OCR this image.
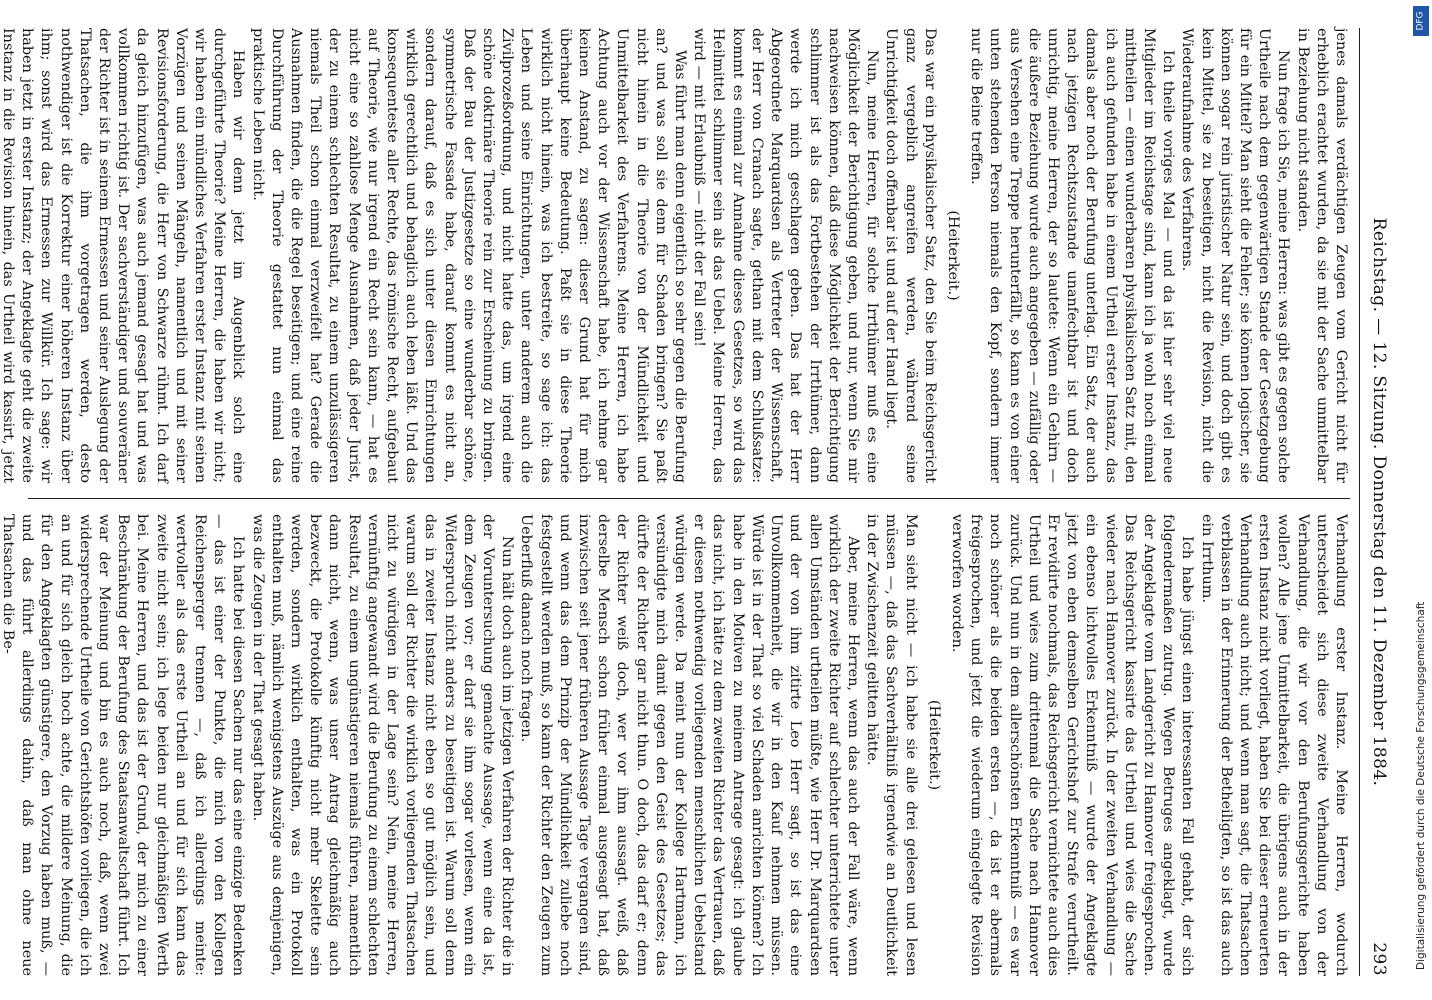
Reichstag. — 12. Sitzung. Donnerstag den 11. Dezember 1884.
293

jenes damals verdächtigen Zeugen vom Gericht nicht für erheblich erachtet wurden, da sie mit der Sache unmittelbar in Beziehung nicht standen.

Nun frage ich Sie, meine Herren: was gibt es gegen solche Urtheile nach dem gegenwärtigen Stande der Gesetzgebung für ein Mittel? Man sieht die Fehler; sie können logischer, sie können sogar rein juristischer Natur sein, und doch gibt es kein Mittel, sie zu beseitigen, nicht die Revision, nicht die Wiederaufnahme des Verfahrens.

Ich theile voriges Mal — und da ist hier sehr viel neue Mitglieder im Reichstage sind, kann ich ja wohl noch einmal mittheilen — einen wunderbaren physikalischen Satz mit, den ich auch gefunden habe in einem Urtheil erster Instanz, das damals aber noch der Berufung unterlag. Ein Satz, der auch nach jetzigen Rechtszustande unanfechtbar ist und doch unrichtig, meine Herren, der so lautete: Wenn ein Gehirn — die äußere Beziehung wurde auch angegeben — zufällig oder aus Versehen eine Treppe herunterfällt, so kann es von einer unten stehenden Person niemals den Kopf, sondern immer nur die Beine treffen.

(Heiterkeit.)

Das war ein physikalischer Satz, den Sie beim Reichsgericht ganz vergeblich angreifen werden, während seine Unrichtigkeit doch offenbar ist und auf der Hand liegt.

Nun, meine Herren, für solche Irrthümer muß es eine Möglichkeit der Berichtigung geben, und nur, wenn Sie mir nachweisen können, daß diese Möglichkeit der Berichtigung schlimmer ist als das Fortbestehen der Irrthümer, dann werde ich mich geschlagen geben. Das hat der Herr Abgeordnete Marquardsen als Vertreter der Wissenschaft, der Herr von Cranach sagte, gethan mit dem Schlußsatze: kommt es einmal zur Annahme dieses Gesetzes, so wird das Heilmittel schlimmer sein als das Uebel. Meine Herren, das wird — mit Erlaubniß — nicht der Fall sein!

Was führt man denn eigentlich so sehr gegen die Berufung an? und was soll sie denn für Schaden bringen? Sie paßt nicht hinein in die Theorie von der Mündlichkeit und Unmittelbarkeit des Verfahrens. Meine Herren, ich habe Achtung auch vor der Wissenschaft habe, ich nehme gar keinen Anstand, zu sagen: dieser Grund hat für mich überhaupt keine Bedeutung. Paßt sie in diese Theorie wirklich nicht hinein, was ich bestreite, so sage ich: das Leben und seine Einrichtungen, unter anderem auch die Zivilprozeßordnung, und nicht hatte das, um irgend eine schöne doktrinäre Theorie rein zur Erscheinung zu bringen. Daß der Bau der Justizgesetze so eine wunderbar schöne, symmetrische Fassade habe, darauf kommt es nicht an, sondern darauf, daß es sich unter diesen Einrichtungen wirklich gerechtlich und behaglich auch leben läßt. Und das konsequenteste aller Rechte, das römische Recht, aufgebaut auf Theorie, wie nur irgend ein Recht sein kann, — hat es nicht eine so zahllose Menge Ausnahmen, daß jeder Jurist, der zu einem schlechten Resultat, zu einem unzulässigeren niemals Theil schon einmal verzweifelt hat? Gerade die Ausnahmen finden, die die Regel beseitigen; und eine reine Durchführung der Theorie gestattet nun einmal das praktische Leben nicht.

Haben wir denn jetzt im Augenblick solch eine durchgeführte Theorie? Meine Herren, die haben wir nicht; wir haben ein mündliches Verfahren erster Instanz mit seinen Vorzügen und seinen Mängeln, namentlich und mit seiner Revisionsforderung, die Herr von Schwarze rühmt. Ich darf da gleich hinzufügen, was auch jemand gesagt hat und was vollkommen richtig ist. Der sachverständiger und souveräner der Richter ist in seinem Ermessen und seiner Auslegung der Thatsachen, die ihm vorgetragen werden, desto nothwendiger ist die Korrektur einer höheren Instanz über ihm; sonst wird das Ermessen zur Willkür. Ich sage: wir haben jetzt in erster Instanz; der Angeklagte geht die zweite Instanz in die Revision hinein, das Urtheil wird kassirt, jetzt

Verhandlung erster Instanz. Meine Herren, wodurch unterscheidet sich diese zweite Verhandlung von der Verhandlung, die wir vor den Berufungsgerichte haben wollen? Alle jene Unmittelbarkeit, die übrigens auch in der ersten Instanz nicht vorliegt, haben Sie bei dieser erneuerten Verhandlung auch nicht; und wenn man sagt, die Thatsachen verblassen in der Erinnerung der Betheiligten, so ist das auch ein Irrthum.

Ich habe jüngst einen interessanten Fall gehabt, der sich folgendermaßen zutrug. Wegen Betruges angeklagt, wurde der Angeklagte vom Landgericht zu Hannover freigesprochen. Das Reichsgericht kassirte das Urtheil und wies die Sache wieder nach Hannover zurück. In der zweiten Verhandlung — ein ebenso lichtvolles Erkenntniß — wurde der Angeklagte jetzt von eben demselben Gerichtshof zur Strafe verurtheilt. Er revidirte nochmals, das Reichsgericht vernichtete auch dies Urtheil und wies zum drittenmal die Sache nach Hannover zurück. Und nun in dem allerschönsten Erkenntniß — es war noch schöner als die beiden ersten —, da ist er abermals freigesprochen, und jetzt die wiederum eingelegte Revision verworfen worden.

(Heiterkeit.)

Man sieht nicht — ich habe sie alle drei gelesen und lesen müssen —, daß das Sachverhältniß irgendwie an Deutlichkeit in der Zwischenzeit gelitten hätte.

Aber, meine Herren, wenn das auch der Fall wäre, wenn wirklich der zweite Richter auf schlechter unterrichtete unter allen Umständen urtheilen müßte, wie Herr Dr. Marquardsen und der von ihm zitirte Leo Herr sagt, so ist das eine Unvollkommenheit, die wir in den Kauf nehmen müssen. Würde ist in der That so viel Schaden anrichten können? Ich habe in den Motiven zu meinem Antrage gesagt: ich glaube das nicht, ich hätte zu dem zweiten Richter das Vertrauen, daß er diesen nothwendig vorliegenden menschlichen Uebelstand würdigen werde. Da meint nun der Kollege Hartmann, ich versündigte mich damit gegen den Geist des Gesetzes; das dürfte der Richter gar nicht thun. O doch, das darf er; denn der Richter weiß doch, wer vor ihm aussagt. weiß, daß derselbe Mensch schon früher einmal ausgesagt hat, daß inzwischen seit jener früheren Aussage Tage vergangen sind, und wenn das dem Prinzip der Mündlichkeit zuliebe noch festgestellt werden muß, so kann der Richter den Zeugen zum Ueberfluß danach noch fragen.

Nun hält doch auch im jetzigen Verfahren der Richter die in der Voruntersuchung gemachte Aussage, wenn eine da ist, dem Zeugen vor; er darf sie ihm sogar vorlesen, wenn ein Widerspruch nicht anders zu beseitigen ist. Warum soll denn das in zweiter Instanz nicht eben so gut möglich sein, und warum soll der Richter die wirklich vorliegenden Thatsachen nicht zu würdigen in der Lage sein? Nein, meine Herren, vernünftig angewandt wird die Berufung zu einem schlechten Resultat, zu einem ungünstigeren niemals führen, namentlich dann nicht, wenn, was unser Antrag gleichmäßig auch bezweckt, die Protokolle künftig nicht mehr Skelette sein werden, sondern wirklich enthalten, was ein Protokoll enthalten muß, nämlich wenigstens Auszüge aus demjenigen, was die Zeugen in der That gesagt haben.

Ich hatte bei diesen Sachen nur das eine einzige Bedenken — das ist einer der Punkte, die mich von den Kollegen Reichensperger trennen —, daß ich allerdings meinte: wertvoller als das erste Urtheil an und für sich kann das zweite nicht sein; ich lege beiden nur gleichmäßigen Werth bei. Meine Herren, und das ist der Grund, der mich zu einer Beschränkung der Berufung des Staatsanwaltschaft führt. Ich war der Meinung und bin es auch noch, daß, wenn zwei widersprechende Urtheile von Gerichtshöfen vorliegen, die ich an und für sich gleich hoch achte, die mildere Meinung, die für den Angeklagten günstigere, den Vorzug haben muß, — und das führt allerdings dahin, daß man ohne neue Thatsachen die Be-

Digitalisierung gefördert durch die Deutsche Forschungsgemeinschaft
DFG
